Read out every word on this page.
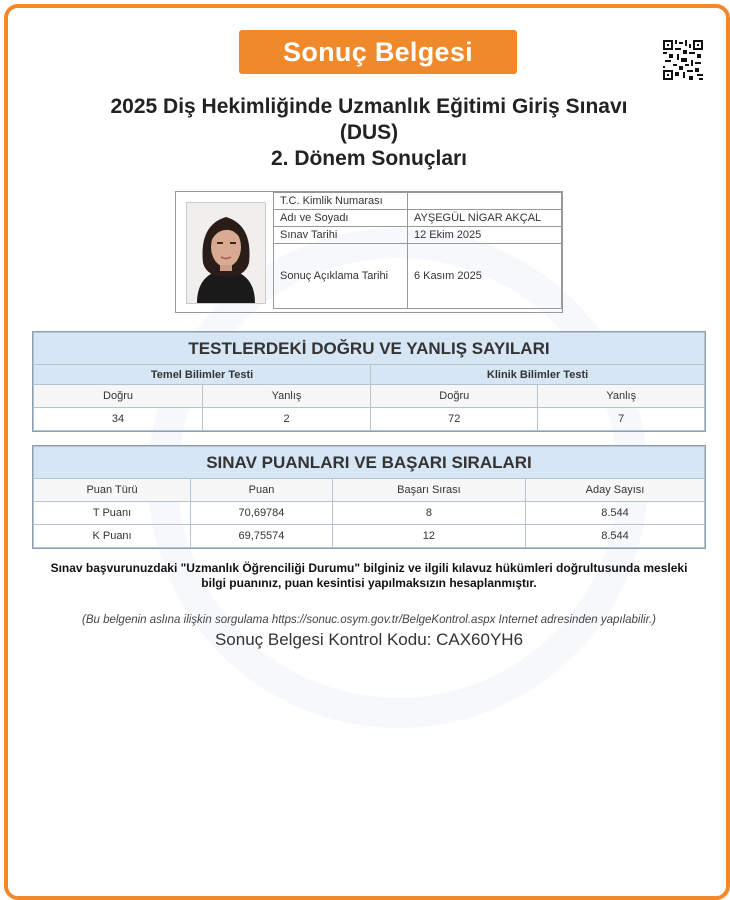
Sonuç Belgesi
2025 Diş Hekimliğinde Uzmanlık Eğitimi Giriş Sınavı
(DUS)
2. Dönem Sonuçları
T.C. Kimlik Numarası	
Adı ve Soyadı	AYŞEGÜL NİGAR AKÇAL
Sınav Tarihi	12 Ekim 2025
Sonuç Açıklama Tarihi	6 Kasım 2025
TESTLERDEKİ DOĞRU VE YANLIŞ SAYILARI			
Temel Bilimler Testi		Klinik Bilimler Testi	
Doğru	Yanlış	Doğru	Yanlış
34	2	72	7
SINAV PUANLARI VE BAŞARI SIRALARI			
Puan Türü	Puan	Başarı Sırası	Aday Sayısı
T Puanı	70,69784	8	8.544
K Puanı	69,75574	12	8.544
Sınav başvurunuzdaki "Uzmanlık Öğrenciliği Durumu" bilginiz ve ilgili kılavuz hükümleri doğrultusunda mesleki bilgi puanınız, puan kesintisi yapılmaksızın hesaplanmıştır.
(Bu belgenin aslına ilişkin sorgulama https://sonuc.osym.gov.tr/BelgeKontrol.aspx Internet adresinden yapılabilir.)
Sonuç Belgesi Kontrol Kodu: CAX60YH6
